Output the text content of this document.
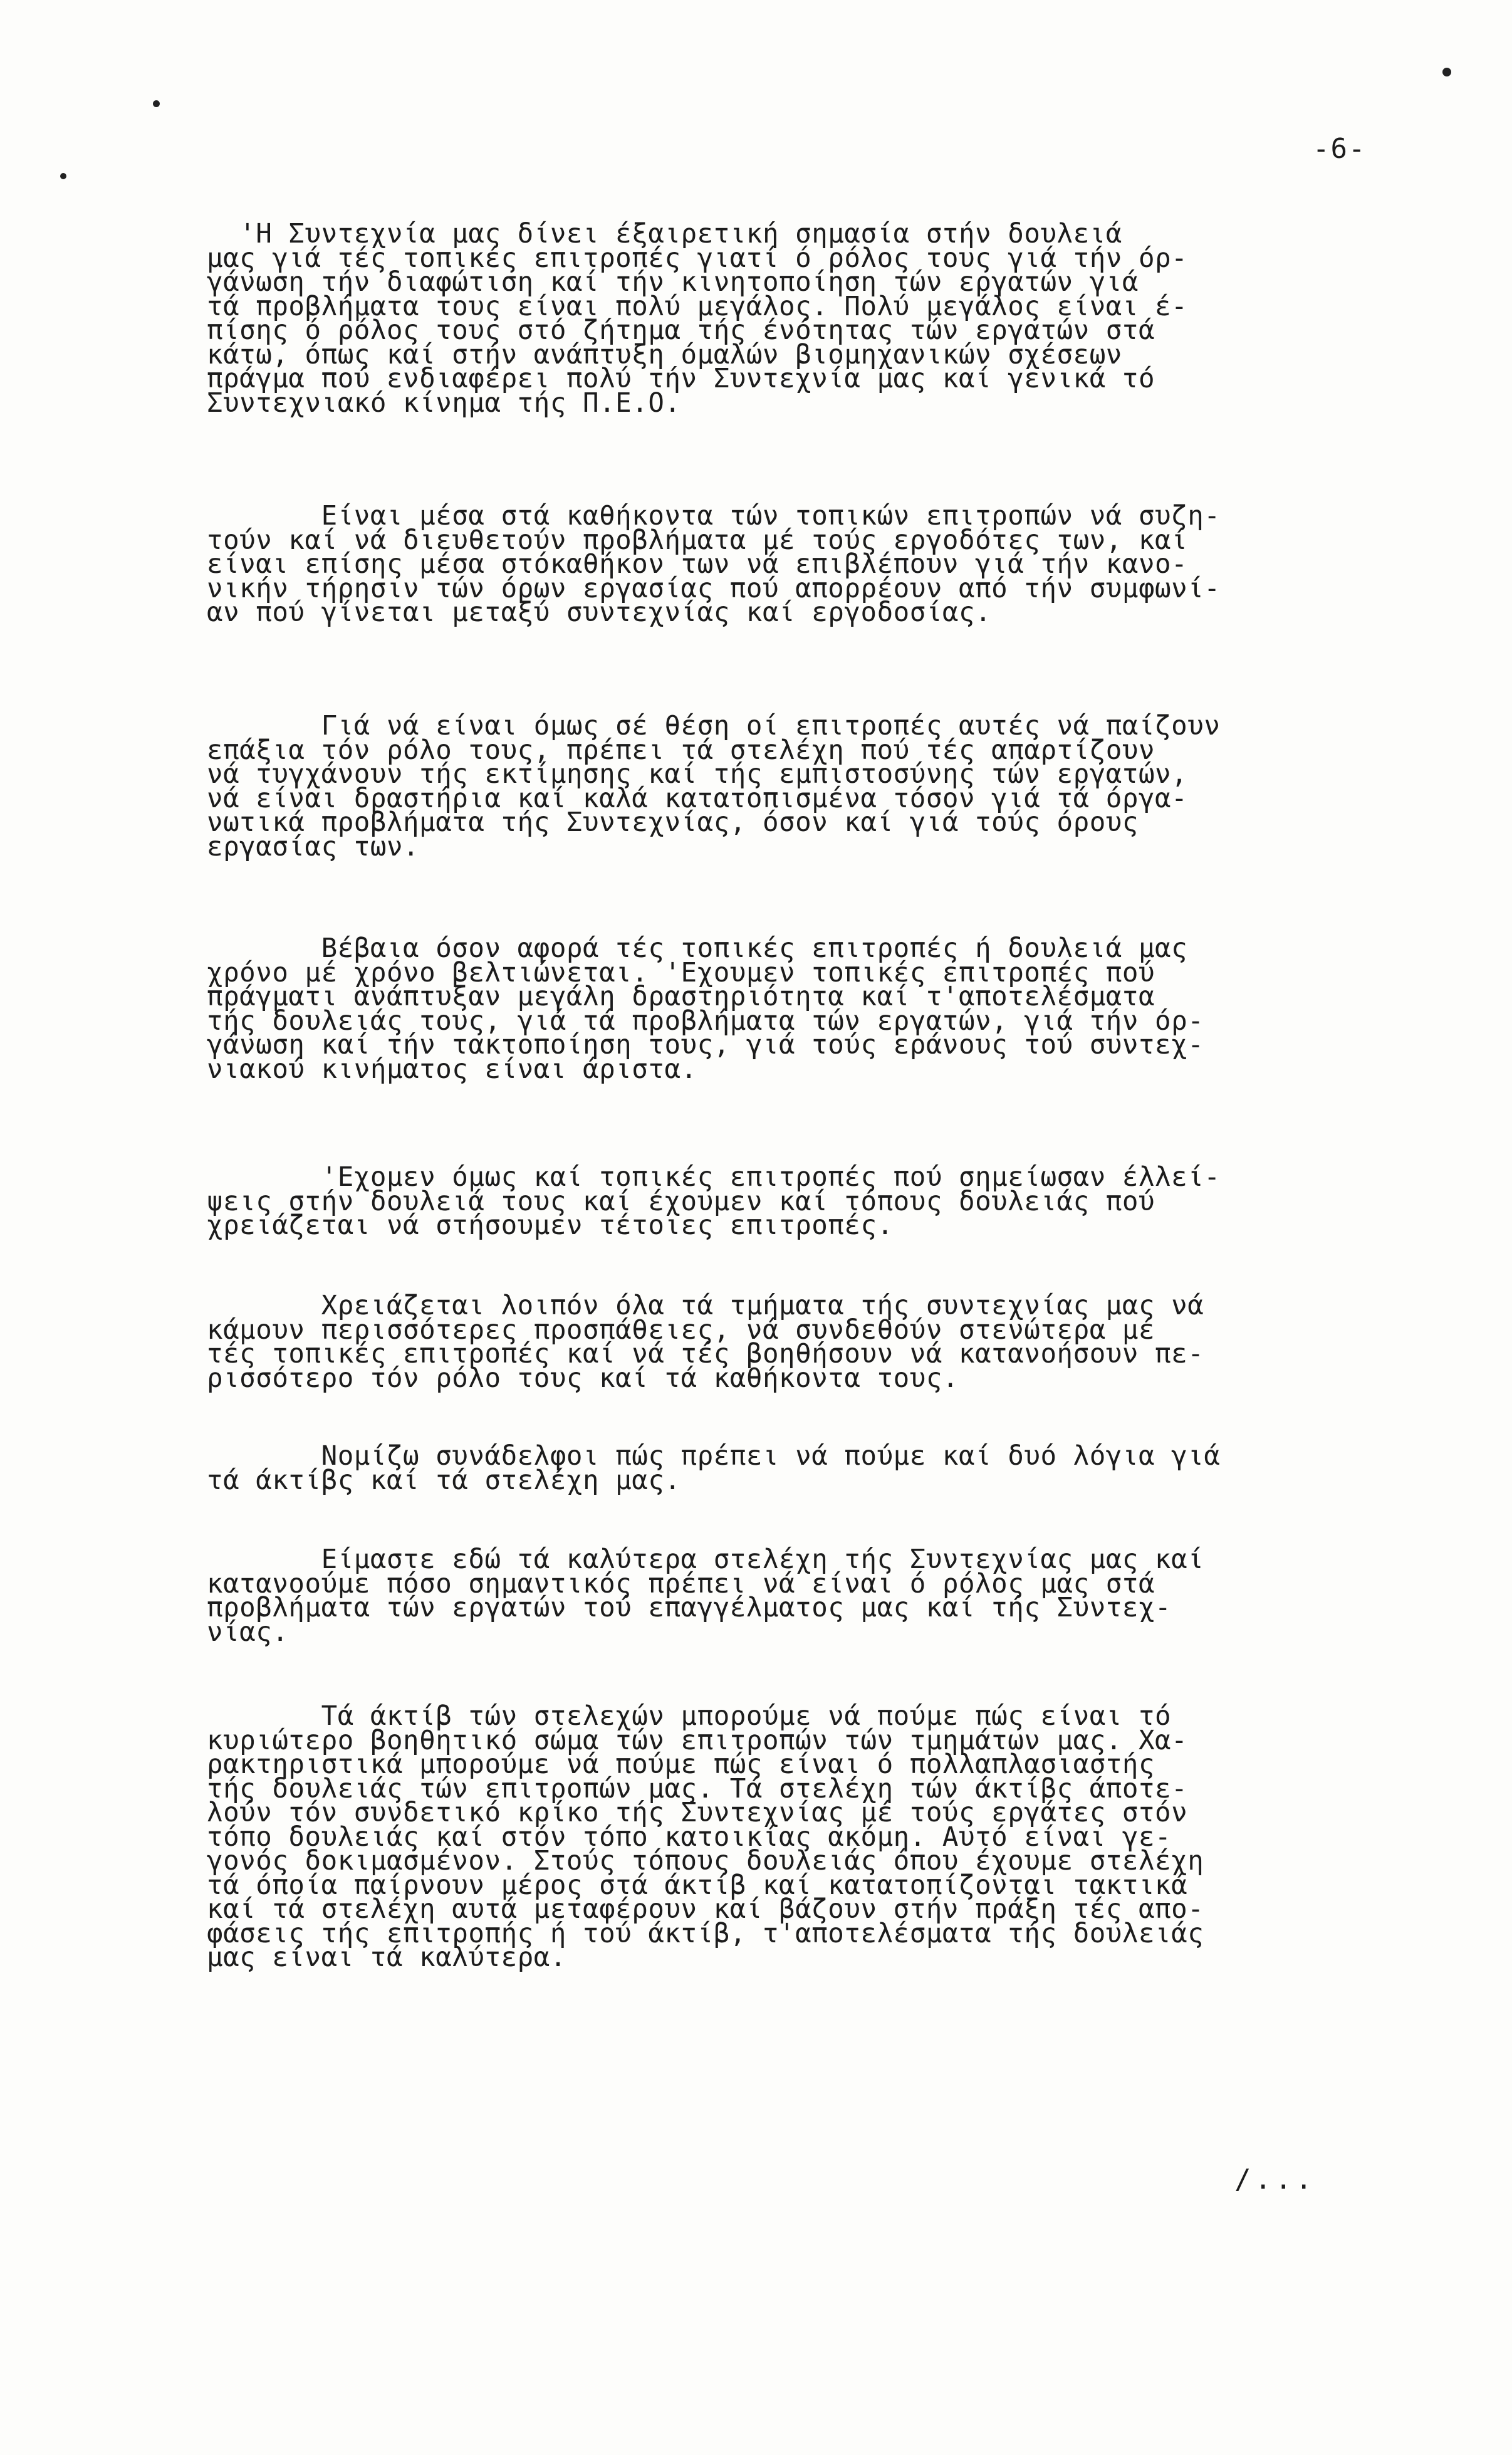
-6-
'Η Συντεχνία μας δίνει έξαιρετική σημασία στήν δουλειά
μας γιά τές τοπικές επιτροπές γιατί ό ρόλος τους γιά τήν όρ-
γάνωση τήν διαφώτιση καί τήν κινητοποίηση τών εργατών γιά
τά προβλήματα τους είναι πολύ μεγάλος. Πολύ μεγάλος είναι έ-
πίσης ό ρόλος τους στό ζήτημα τής ένότητας τών εργατών στά
κάτω, όπως καί στήν ανάπτυξη όμαλών βιομηχανικών σχέσεων
πράγμα πού ενδιαφέρει πολύ τήν Συντεχνία μας καί γενικά τό
Συντεχνιακό κίνημα τής Π.Ε.Ο.
Είναι μέσα στά καθήκοντα τών τοπικών επιτροπών νά συζη-
τούν καί νά διευθετούν προβλήματα μέ τούς εργοδότες των, καί
είναι επίσης μέσα στόκαθήκον των νά επιβλέπουν γιά τήν κανο-
νικήν τήρησιν τών όρων εργασίας πού απορρέουν από τήν συμφωνί-
αν πού γίνεται μεταξύ συντεχνίας καί εργοδοσίας.
Γιά νά είναι όμως σέ θέση οί επιτροπές αυτές νά παίζουν
επάξια τόν ρόλο τους, πρέπει τά στελέχη πού τές απαρτίζουν
νά τυγχάνουν τής εκτίμησης καί τής εμπιστοσύνης τών εργατών,
νά είναι δραστήρια καί καλά κατατοπισμένα τόσον γιά τά όργα-
νωτικά προβλήματα τής Συντεχνίας, όσον καί γιά τούς όρους
εργασίας των.
Βέβαια όσον αφορά τές τοπικές επιτροπές ή δουλειά μας
χρόνο μέ χρόνο βελτιώνεται. 'Εχουμεν τοπικές επιτροπές πού
πράγματι ανάπτυξαν μεγάλη δραστηριότητα καί τ'αποτελέσματα
τής δουλειάς τους, γιά τά προβλήματα τών εργατών, γιά τήν όρ-
γάνωση καί τήν τακτοποίηση τους, γιά τούς εράνους τού συντεχ-
νιακού κινήματος είναι άριστα.
'Εχομεν όμως καί τοπικές επιτροπές πού σημείωσαν έλλεί-
ψεις στήν δουλειά τους καί έχουμεν καί τόπους δουλειάς πού
χρειάζεται νά στήσουμεν τέτοιες επιτροπές.
Χρειάζεται λοιπόν όλα τά τμήματα τής συντεχνίας μας νά
κάμουν περισσότερες προσπάθειες, νά συνδεθούν στενώτερα μέ
τές τοπικές επιτροπές καί νά τές βοηθήσουν νά κατανοήσουν πε-
ρισσότερο τόν ρόλο τους καί τά καθήκοντα τους.
Νομίζω συνάδελφοι πώς πρέπει νά πούμε καί δυό λόγια γιά
τά άκτίβς καί τά στελέχη μας.
Είμαστε εδώ τά καλύτερα στελέχη τής Συντεχνίας μας καί
κατανοούμε πόσο σημαντικός πρέπει νά είναι ό ρόλος μας στά
προβλήματα τών εργατών τού επαγγέλματος μας καί τής Συντεχ-
νίας.
Τά άκτίβ τών στελεχών μπορούμε νά πούμε πώς είναι τό
κυριώτερο βοηθητικό σώμα τών επιτροπών τών τμημάτων μας. Χα-
ρακτηριστικά μπορούμε νά πούμε πώς είναι ό πολλαπλασιαστής
τής δουλειάς τών επιτροπών μας. Τά στελέχη τών άκτίβς άποτε-
λούν τόν συνδετικό κρίκο τής Συντεχνίας μέ τούς εργάτες στόν
τόπο δουλειάς καί στόν τόπο κατοικίας ακόμη. Αυτό είναι γε-
γονός δοκιμασμένον. Στούς τόπους δουλειάς όπου έχουμε στελέχη
τά όποία παίρνουν μέρος στά άκτίβ καί κατατοπίζονται τακτικά
καί τά στελέχη αυτά μεταφέρουν καί βάζουν στήν πράξη τές απο-
φάσεις τής επιτροπής ή τού άκτίβ, τ'αποτελέσματα τής δουλειάς
μας είναι τά καλύτερα.
/...
